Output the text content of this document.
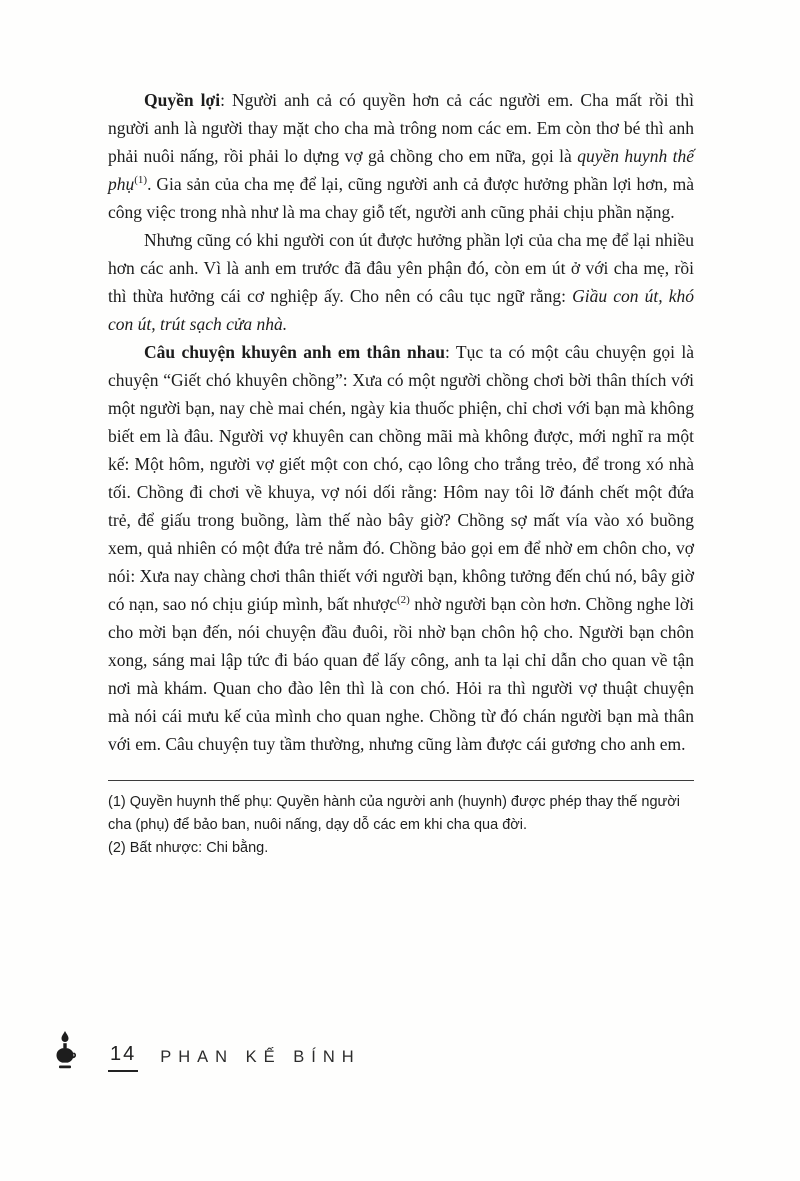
Quyền lợi: Người anh cả có quyền hơn cả các người em. Cha mất rồi thì người anh là người thay mặt cho cha mà trông nom các em. Em còn thơ bé thì anh phải nuôi nấng, rồi phải lo dựng vợ gả chồng cho em nữa, gọi là quyền huynh thế phụ$^{(1)}$. Gia sản của cha mẹ để lại, cũng người anh cả được hưởng phần lợi hơn, mà công việc trong nhà như là ma chay giỗ tết, người anh cũng phải chịu phần nặng.

Nhưng cũng có khi người con út được hưởng phần lợi của cha mẹ để lại nhiều hơn các anh. Vì là anh em trước đã đâu yên phận đó, còn em út ở với cha mẹ, rồi thì thừa hưởng cái cơ nghiệp ấy. Cho nên có câu tục ngữ rằng: Giầu con út, khó con út, trút sạch cửa nhà.

Câu chuyện khuyên anh em thân nhau: Tục ta có một câu chuyện gọi là chuyện “Giết chó khuyên chồng”: Xưa có một người chồng chơi bời thân thích với một người bạn, nay chè mai chén, ngày kia thuốc phiện, chỉ chơi với bạn mà không biết em là đâu. Người vợ khuyên can chồng mãi mà không được, mới nghĩ ra một kế: Một hôm, người vợ giết một con chó, cạo lông cho trắng trẻo, để trong xó nhà tối. Chồng đi chơi về khuya, vợ nói dối rằng: Hôm nay tôi lỡ đánh chết một đứa trẻ, để giấu trong buồng, làm thế nào bây giờ? Chồng sợ mất vía vào xó buồng xem, quả nhiên có một đứa trẻ nằm đó. Chồng bảo gọi em để nhờ em chôn cho, vợ nói: Xưa nay chàng chơi thân thiết với người bạn, không tưởng đến chú nó, bây giờ có nạn, sao nó chịu giúp mình, bất nhược$^{(2)}$ nhờ người bạn còn hơn. Chồng nghe lời cho mời bạn đến, nói chuyện đầu đuôi, rồi nhờ bạn chôn hộ cho. Người bạn chôn xong, sáng mai lập tức đi báo quan để lấy công, anh ta lại chỉ dẫn cho quan về tận nơi mà khám. Quan cho đào lên thì là con chó. Hỏi ra thì người vợ thuật chuyện mà nói cái mưu kế của mình cho quan nghe. Chồng từ đó chán người bạn mà thân với em. Câu chuyện tuy tầm thường, nhưng cũng làm được cái gương cho anh em.

(1) Quyền huynh thế phụ: Quyền hành của người anh (huynh) được phép thay thế người cha (phụ) để bảo ban, nuôi nấng, dạy dỗ các em khi cha qua đời.

(2) Bất nhược: Chi bằng.

14 PHAN KẾ BÍNH
